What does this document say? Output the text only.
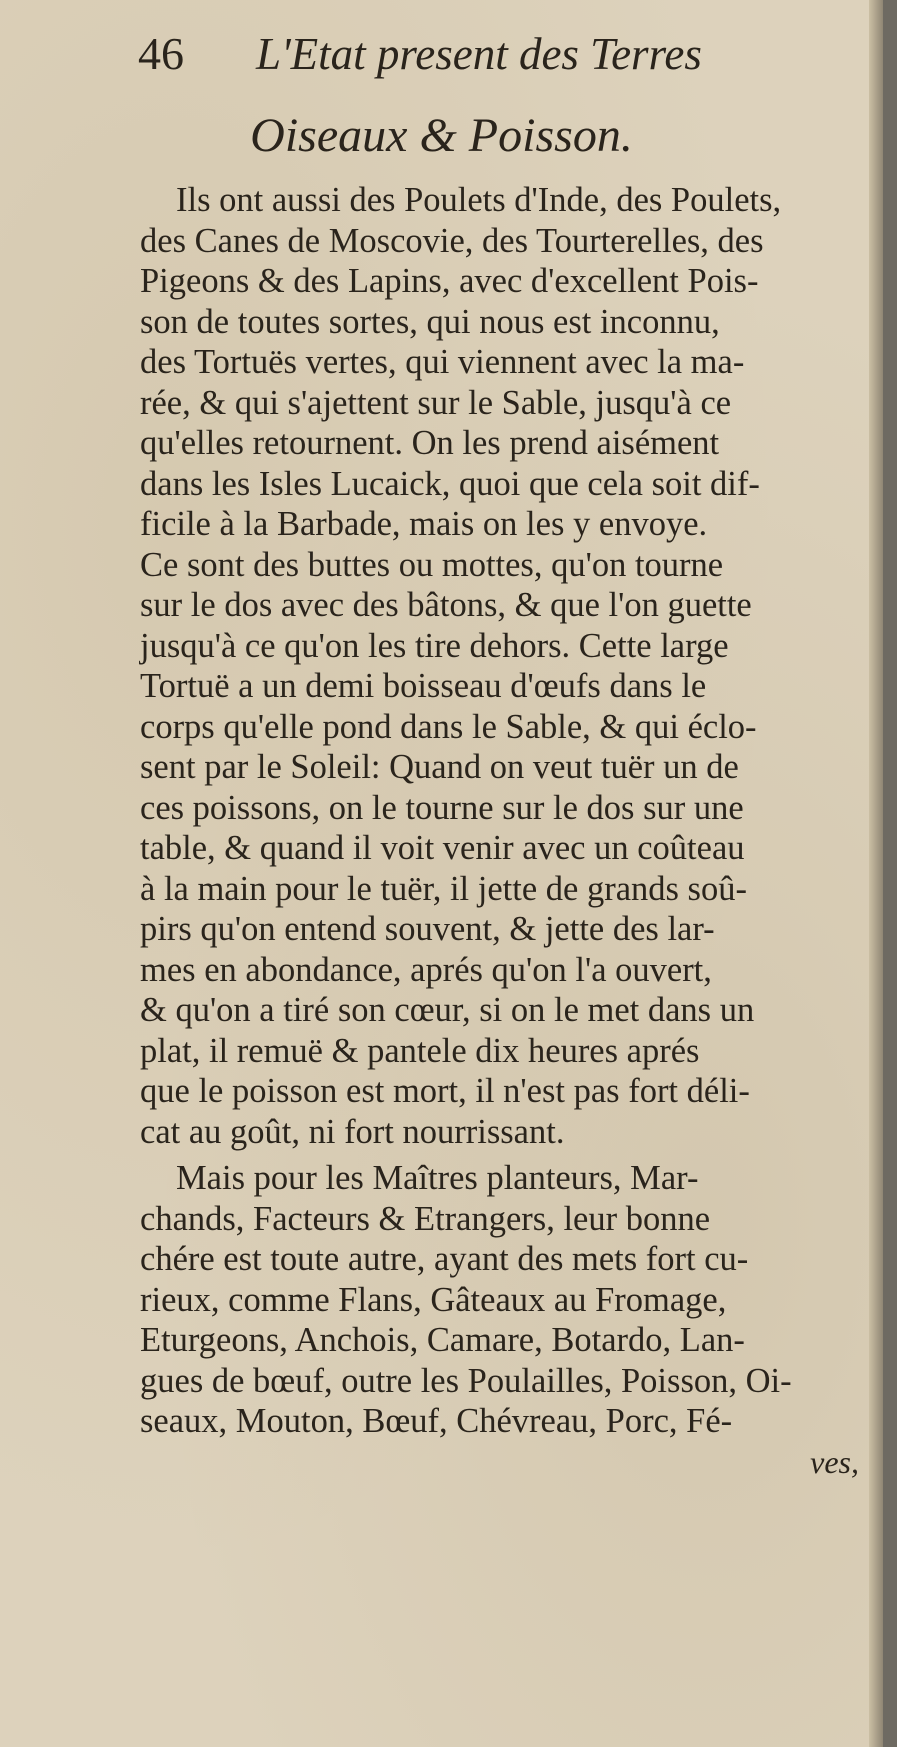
46 L'Etat present des Terres
Oiseaux & Poisson.
Ils ont aussi des Poulets d'Inde, des Poulets,
des Canes de Moscovie, des Tourterelles, des
Pigeons & des Lapins, avec d'excellent Pois-
son de toutes sortes, qui nous est inconnu,
des Tortuës vertes, qui viennent avec la ma-
rée, & qui s'ajettent sur le Sable, jusqu'à ce
qu'elles retournent. On les prend aisément
dans les Isles Lucaick, quoi que cela soit dif-
ficile à la Barbade, mais on les y envoye.
Ce sont des buttes ou mottes, qu'on tourne
sur le dos avec des bâtons, & que l'on guette
jusqu'à ce qu'on les tire dehors. Cette large
Tortuë a un demi boisseau d'œufs dans le
corps qu'elle pond dans le Sable, & qui éclo-
sent par le Soleil: Quand on veut tuër un de
ces poissons, on le tourne sur le dos sur une
table, & quand il voit venir avec un coûteau
à la main pour le tuër, il jette de grands soû-
pirs qu'on entend souvent, & jette des lar-
mes en abondance, aprés qu'on l'a ouvert,
& qu'on a tiré son cœur, si on le met dans un
plat, il remuë & pantele dix heures aprés
que le poisson est mort, il n'est pas fort déli-
cat au goût, ni fort nourrissant.
Mais pour les Maîtres planteurs, Mar-
chands, Facteurs & Etrangers, leur bonne
chére est toute autre, ayant des mets fort cu-
rieux, comme Flans, Gâteaux au Fromage,
Eturgeons, Anchois, Camare, Botardo, Lan-
gues de bœuf, outre les Poulailles, Poisson, Oi-
seaux, Mouton, Bœuf, Chévreau, Porc, Fé-
ves,
